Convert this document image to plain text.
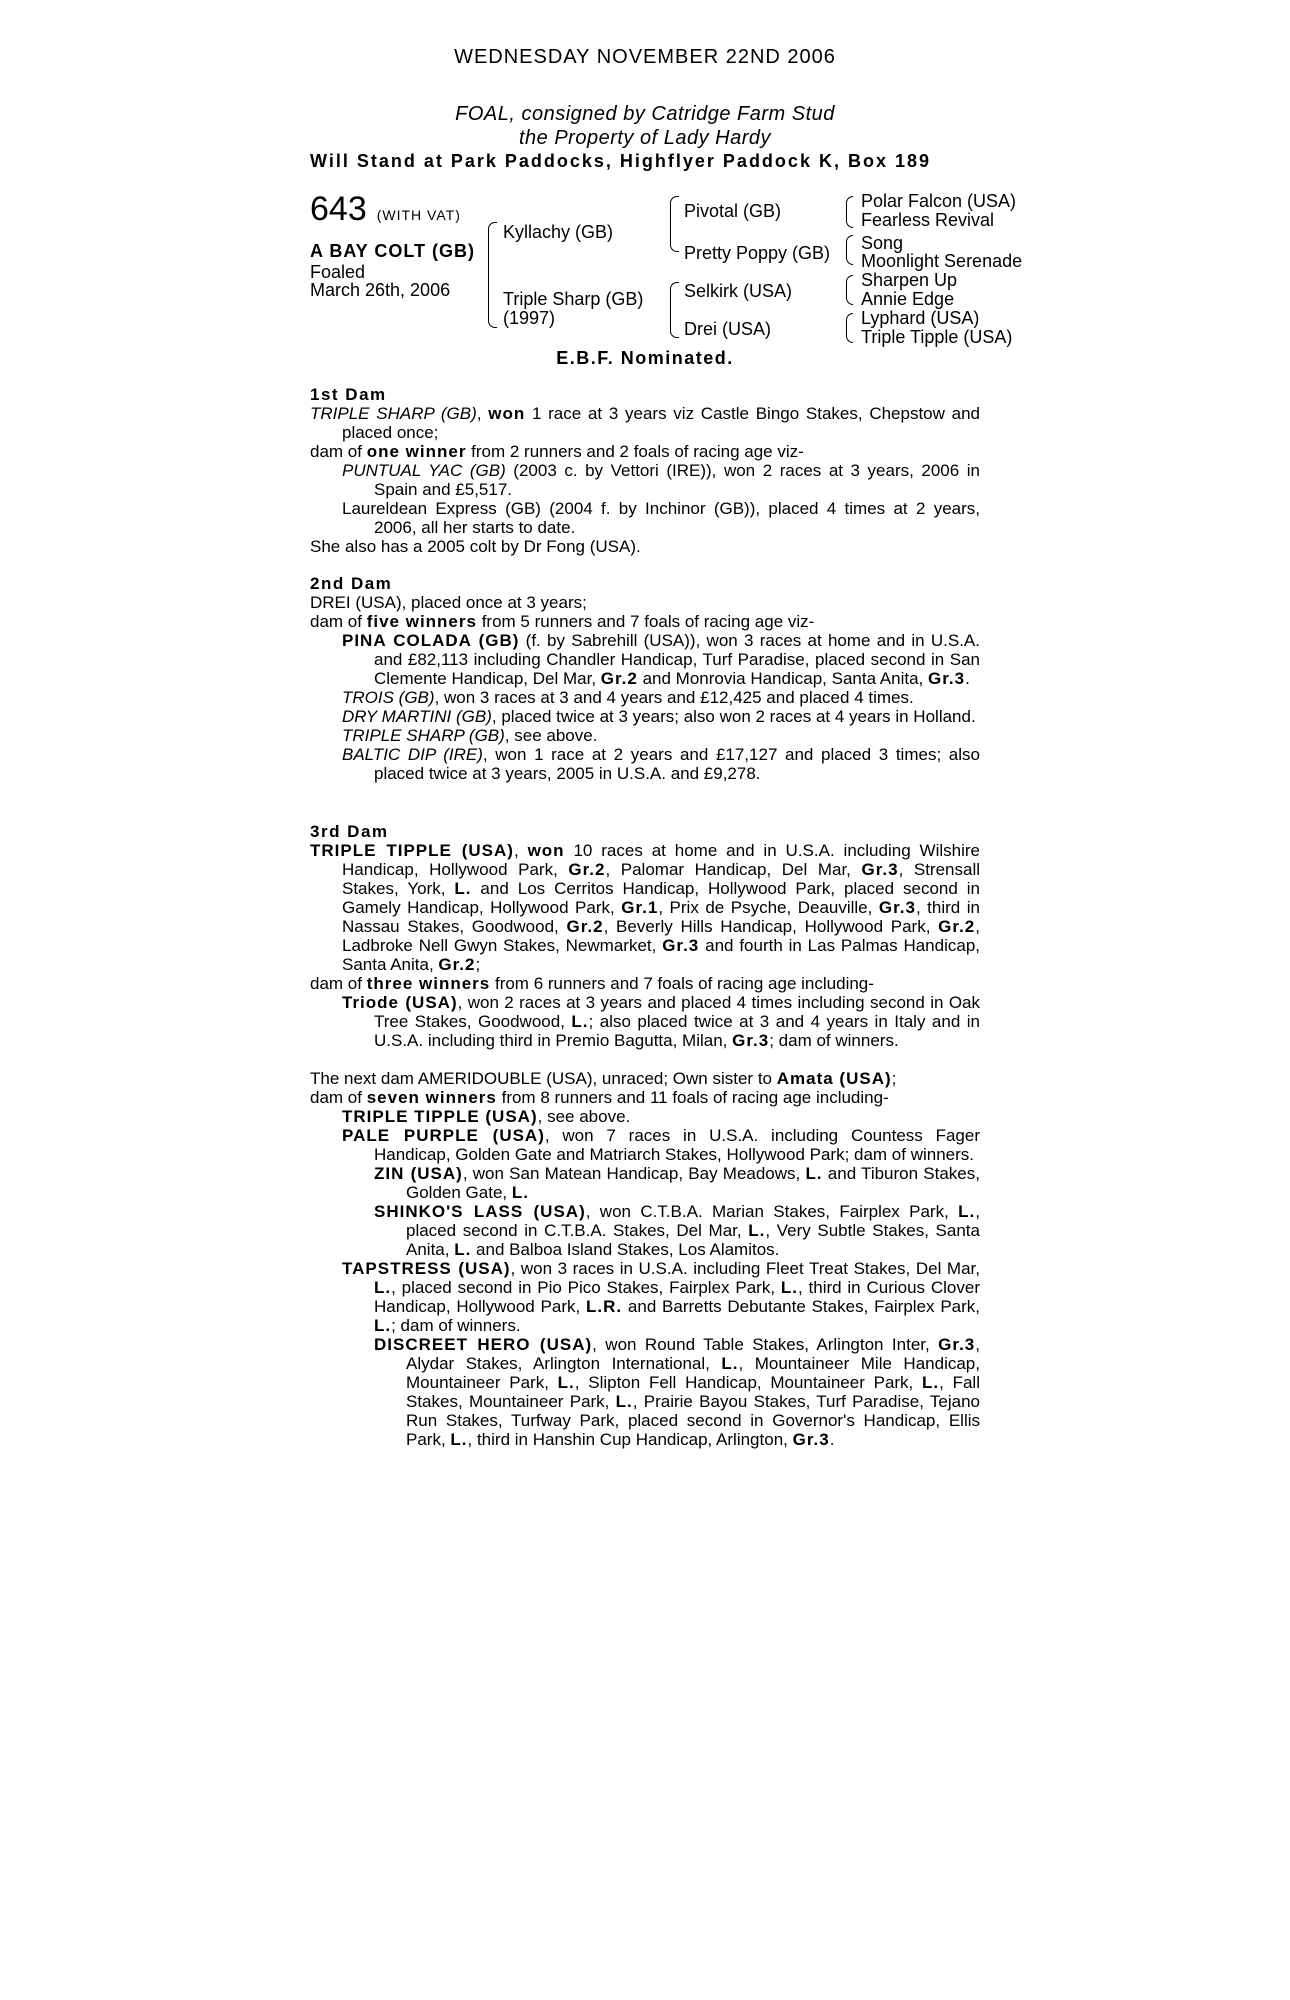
WEDNESDAY NOVEMBER 22ND 2006
FOAL, consigned by Catridge Farm Stud
the Property of Lady Hardy
Will Stand at Park Paddocks, Highflyer Paddock K, Box 189
643 (WITH VAT)
A BAY COLT (GB)
Foaled
March 26th, 2006
Kyllachy (GB)
Triple Sharp (GB)
(1997)
Pivotal (GB)
Pretty Poppy (GB)
Selkirk (USA)
Drei (USA)
Polar Falcon (USA)
Fearless Revival
Song
Moonlight Serenade
Sharpen Up
Annie Edge
Lyphard (USA)
Triple Tipple (USA)
E.B.F. Nominated.

1st Dam

TRIPLE SHARP (GB), won 1 race at 3 years viz Castle Bingo Stakes, Chepstow and placed once;

dam of one winner from 2 runners and 2 foals of racing age viz-

PUNTUAL YAC (GB) (2003 c. by Vettori (IRE)), won 2 races at 3 years, 2006 in Spain and £5,517.

Laureldean Express (GB) (2004 f. by Inchinor (GB)), placed 4 times at 2 years, 2006, all her starts to date.

She also has a 2005 colt by Dr Fong (USA).

2nd Dam

DREI (USA), placed once at 3 years;

dam of five winners from 5 runners and 7 foals of racing age viz-

PINA COLADA (GB) (f. by Sabrehill (USA)), won 3 races at home and in U.S.A. and £82,113 including Chandler Handicap, Turf Paradise, placed second in San Clemente Handicap, Del Mar, Gr.2 and Monrovia Handicap, Santa Anita, Gr.3.

TROIS (GB), won 3 races at 3 and 4 years and £12,425 and placed 4 times.

DRY MARTINI (GB), placed twice at 3 years; also won 2 races at 4 years in Holland.

TRIPLE SHARP (GB), see above.

BALTIC DIP (IRE), won 1 race at 2 years and £17,127 and placed 3 times; also placed twice at 3 years, 2005 in U.S.A. and £9,278.

3rd Dam

TRIPLE TIPPLE (USA), won 10 races at home and in U.S.A. including Wilshire Handicap, Hollywood Park, Gr.2, Palomar Handicap, Del Mar, Gr.3, Strensall Stakes, York, L. and Los Cerritos Handicap, Hollywood Park, placed second in Gamely Handicap, Hollywood Park, Gr.1, Prix de Psyche, Deauville, Gr.3, third in Nassau Stakes, Goodwood, Gr.2, Beverly Hills Handicap, Hollywood Park, Gr.2, Ladbroke Nell Gwyn Stakes, Newmarket, Gr.3 and fourth in Las Palmas Handicap, Santa Anita, Gr.2;

dam of three winners from 6 runners and 7 foals of racing age including-

Triode (USA), won 2 races at 3 years and placed 4 times including second in Oak Tree Stakes, Goodwood, L.; also placed twice at 3 and 4 years in Italy and in U.S.A. including third in Premio Bagutta, Milan, Gr.3; dam of winners.

The next dam AMERIDOUBLE (USA), unraced; Own sister to Amata (USA);

dam of seven winners from 8 runners and 11 foals of racing age including-

TRIPLE TIPPLE (USA), see above.

PALE PURPLE (USA), won 7 races in U.S.A. including Countess Fager Handicap, Golden Gate and Matriarch Stakes, Hollywood Park; dam of winners.

ZIN (USA), won San Matean Handicap, Bay Meadows, L. and Tiburon Stakes, Golden Gate, L.

SHINKO'S LASS (USA), won C.T.B.A. Marian Stakes, Fairplex Park, L., placed second in C.T.B.A. Stakes, Del Mar, L., Very Subtle Stakes, Santa Anita, L. and Balboa Island Stakes, Los Alamitos.

TAPSTRESS (USA), won 3 races in U.S.A. including Fleet Treat Stakes, Del Mar, L., placed second in Pio Pico Stakes, Fairplex Park, L., third in Curious Clover Handicap, Hollywood Park, L.R. and Barretts Debutante Stakes, Fairplex Park, L.; dam of winners.

DISCREET HERO (USA), won Round Table Stakes, Arlington Inter, Gr.3, Alydar Stakes, Arlington International, L., Mountaineer Mile Handicap, Mountaineer Park, L., Slipton Fell Handicap, Mountaineer Park, L., Fall Stakes, Mountaineer Park, L., Prairie Bayou Stakes, Turf Paradise, Tejano Run Stakes, Turfway Park, placed second in Governor's Handicap, Ellis Park, L., third in Hanshin Cup Handicap, Arlington, Gr.3.
